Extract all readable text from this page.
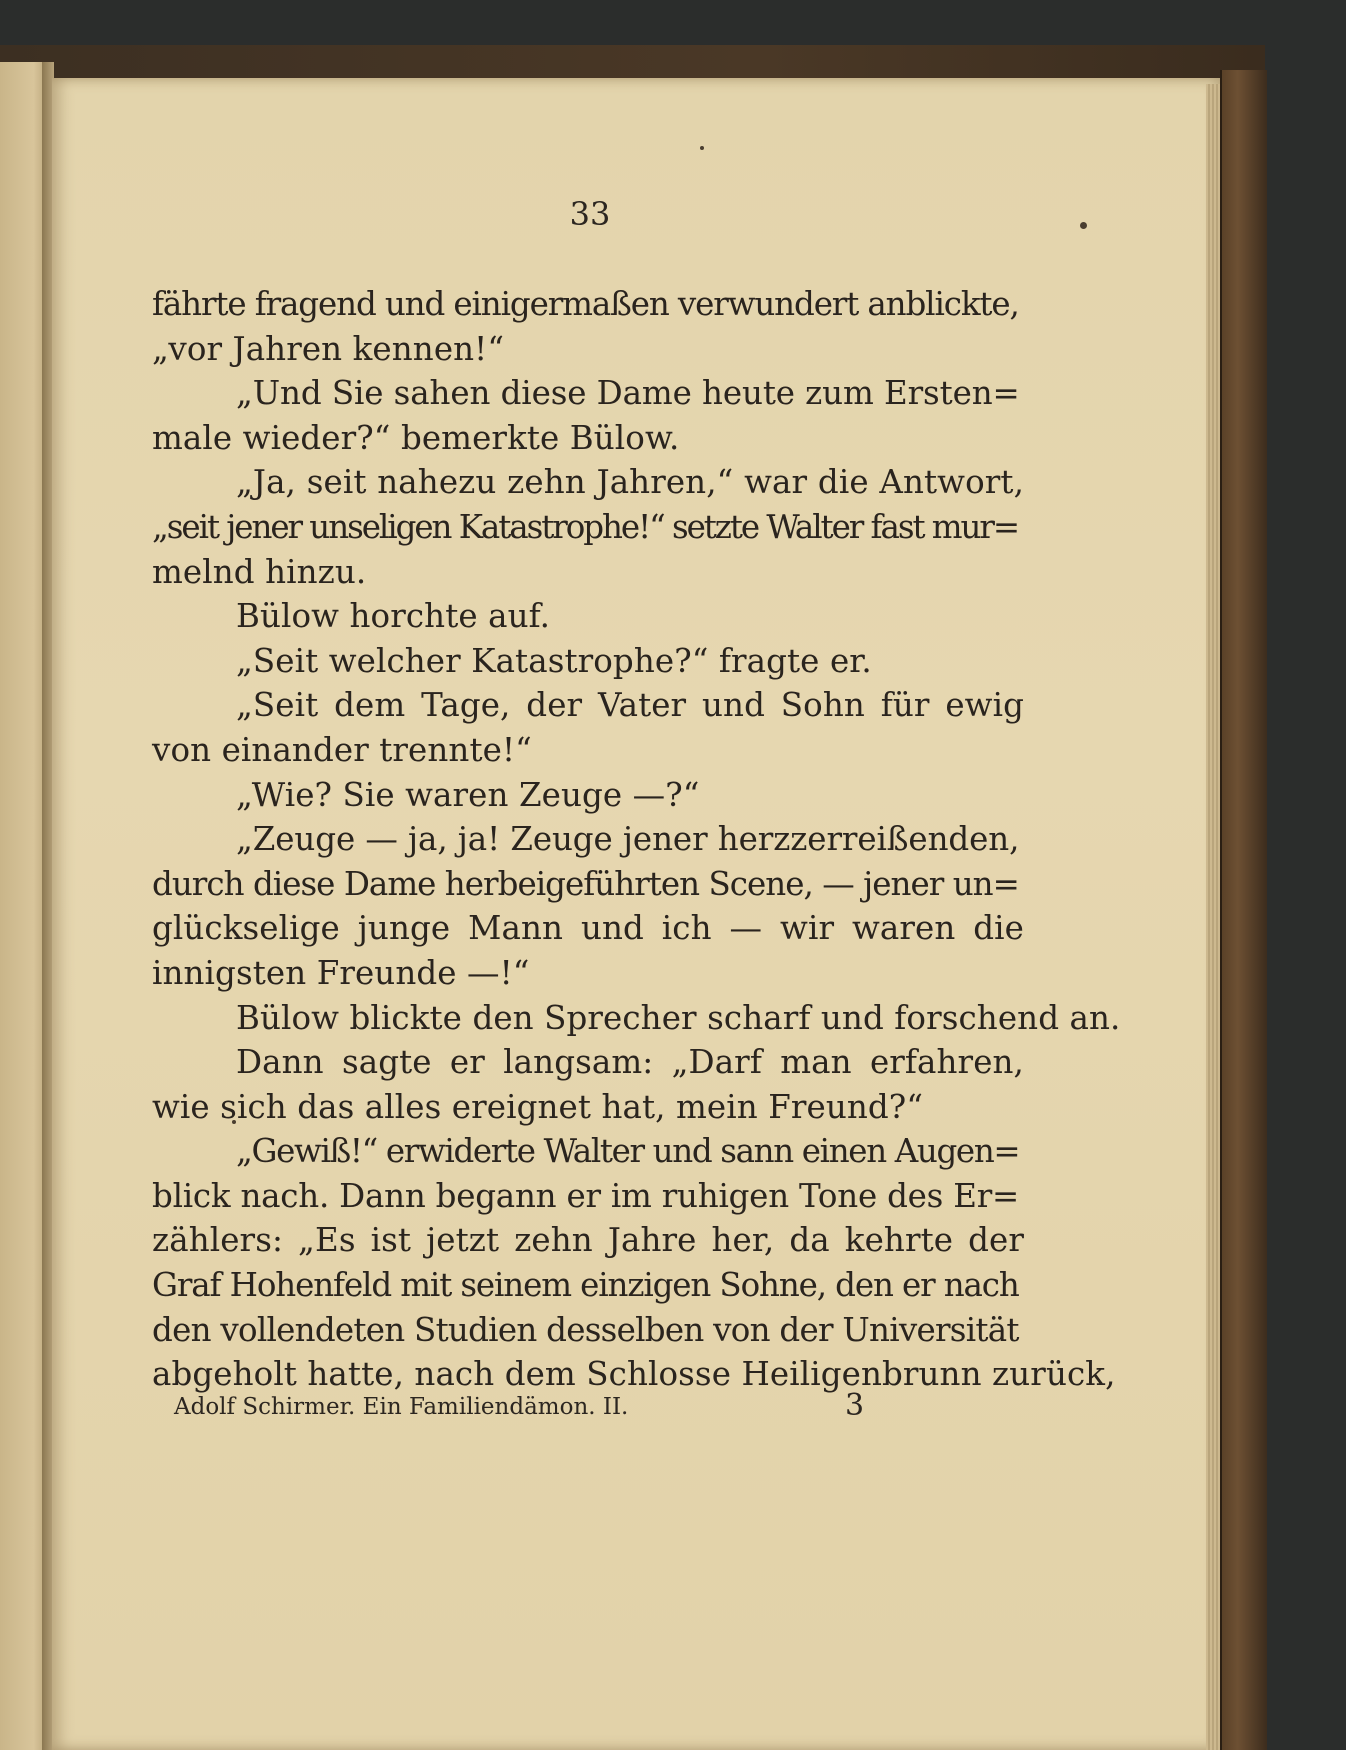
33
fährte fragend und einigermaßen verwundert anblickte,
„vor Jahren kennen!“
„Und Sie sahen diese Dame heute zum Ersten=
male wieder?“ bemerkte Bülow.
„Ja, seit nahezu zehn Jahren,“ war die Antwort,
„seit jener unseligen Katastrophe!“ setzte Walter fast mur=
melnd hinzu.
Bülow horchte auf.
„Seit welcher Katastrophe?“ fragte er.
„Seit dem Tage, der Vater und Sohn für ewig
von einander trennte!“
„Wie? Sie waren Zeuge —?“
„Zeuge — ja, ja! Zeuge jener herzzerreißenden,
durch diese Dame herbeigeführten Scene, — jener un=
glückselige junge Mann und ich — wir waren die
innigsten Freunde —!“
Bülow blickte den Sprecher scharf und forschend an.
Dann sagte er langsam: „Darf man erfahren,
wie sich das alles ereignet hat, mein Freund?“
„Gewiß!“ erwiderte Walter und sann einen Augen=
blick nach. Dann begann er im ruhigen Tone des Er=
zählers: „Es ist jetzt zehn Jahre her, da kehrte der
Graf Hohenfeld mit seinem einzigen Sohne, den er nach
den vollendeten Studien desselben von der Universität
abgeholt hatte, nach dem Schlosse Heiligenbrunn zurück,
Adolf Schirmer. Ein Familiendämon. II.	3
